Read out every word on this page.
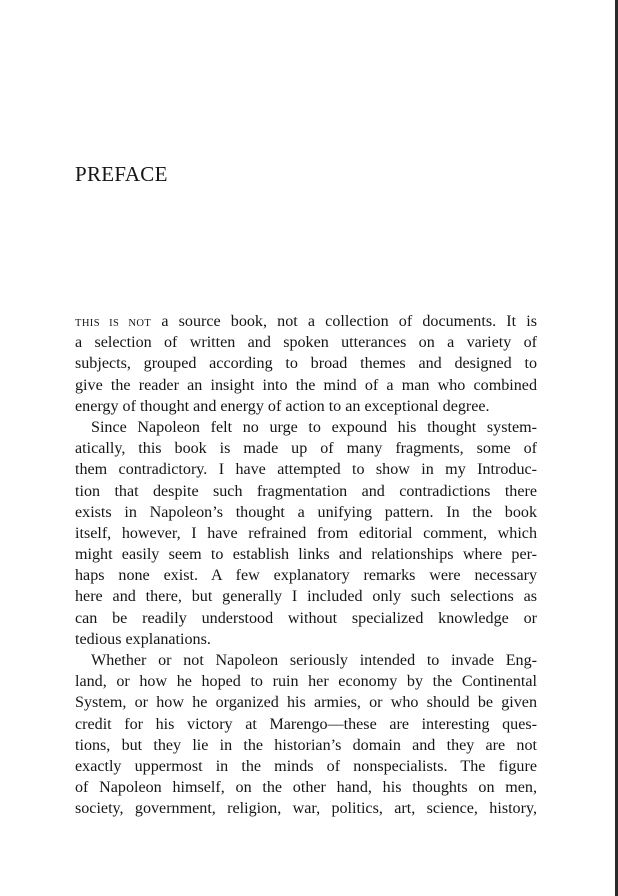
PREFACE
THIS IS NOT a source book, not a collection of documents. It is
a selection of written and spoken utterances on a variety of
subjects, grouped according to broad themes and designed to
give the reader an insight into the mind of a man who combined
energy of thought and energy of action to an exceptional degree.
Since Napoleon felt no urge to expound his thought system-
atically, this book is made up of many fragments, some of
them contradictory. I have attempted to show in my Introduc-
tion that despite such fragmentation and contradictions there
exists in Napoleon’s thought a unifying pattern. In the book
itself, however, I have refrained from editorial comment, which
might easily seem to establish links and relationships where per-
haps none exist. A few explanatory remarks were necessary
here and there, but generally I included only such selections as
can be readily understood without specialized knowledge or
tedious explanations.
Whether or not Napoleon seriously intended to invade Eng-
land, or how he hoped to ruin her economy by the Continental
System, or how he organized his armies, or who should be given
credit for his victory at Marengo—these are interesting ques-
tions, but they lie in the historian’s domain and they are not
exactly uppermost in the minds of nonspecialists. The figure
of Napoleon himself, on the other hand, his thoughts on men,
society, government, religion, war, politics, art, science, history,
